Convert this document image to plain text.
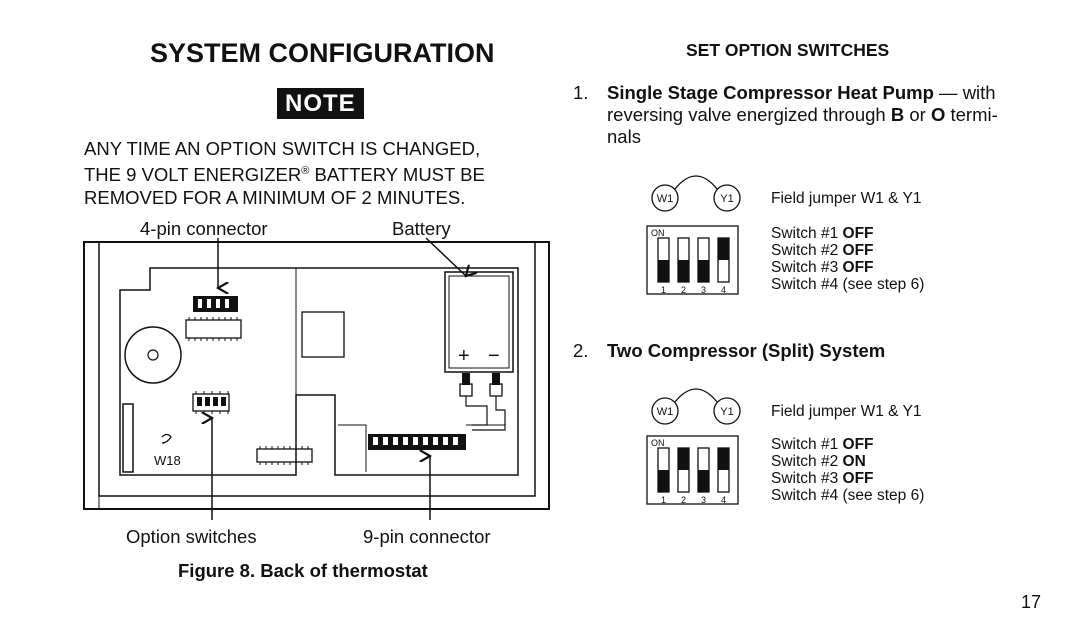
SYSTEM CONFIGURATION
NOTE

ANY TIME AN OPTION SWITCH IS CHANGED,
THE 9 VOLT ENERGIZER® BATTERY MUST BE
REMOVED FOR A MINIMUM OF 2 MINUTES.

4-pin connector	Battery
Option switches	9-pin connector
W18
+ −
Figure 8. Back of thermostat
SET OPTION SWITCHES
1. Single Stage Compressor Heat Pump — with
reversing valve energized through B or O termi-
nals
W1	Y1
ON
1 2 3 4
Field jumper W1 & Y1
Switch #1 OFF
Switch #2 OFF
Switch #3 OFF
Switch #4 (see step 6)
2. Two Compressor (Split) System
W1	Y1
ON
1 2 3 4
Field jumper W1 & Y1
Switch #1 OFF
Switch #2 ON
Switch #3 OFF
Switch #4 (see step 6)
17
